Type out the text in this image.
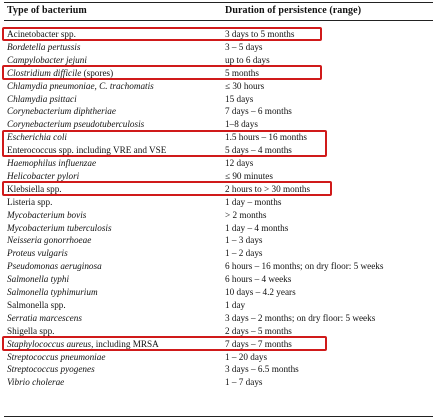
Type of bacterium	Duration of persistence (range)
Acinetobacter spp.	3 days to 5 months
Bordetella pertussis	3 – 5 days
Campylobacter jejuni	up to 6 days
Clostridium difficile (spores)	5 months
Chlamydia pneumoniae, C. trachomatis	≤ 30 hours
Chlamydia psittaci	15 days
Corynebacterium diphtheriae	7 days – 6 months
Corynebacterium pseudotuberculosis	1–8 days
Escherichia coli	1.5 hours – 16 months
Enterococcus spp. including VRE and VSE	5 days – 4 months
Haemophilus influenzae	12 days
Helicobacter pylori	≤ 90 minutes
Klebsiella spp.	2 hours to > 30 months
Listeria spp.	1 day – months
Mycobacterium bovis	> 2 months
Mycobacterium tuberculosis	1 day – 4 months
Neisseria gonorrhoeae	1 – 3 days
Proteus vulgaris	1 – 2 days
Pseudomonas aeruginosa	6 hours – 16 months; on dry floor: 5 weeks
Salmonella typhi	6 hours – 4 weeks
Salmonella typhimurium	10 days – 4.2 years
Salmonella spp.	1 day
Serratia marcescens	3 days – 2 months; on dry floor: 5 weeks
Shigella spp.	2 days – 5 months
Staphylococcus aureus, including MRSA	7 days – 7 months
Streptococcus pneumoniae	1 – 20 days
Streptococcus pyogenes	3 days – 6.5 months
Vibrio cholerae	1 – 7 days
